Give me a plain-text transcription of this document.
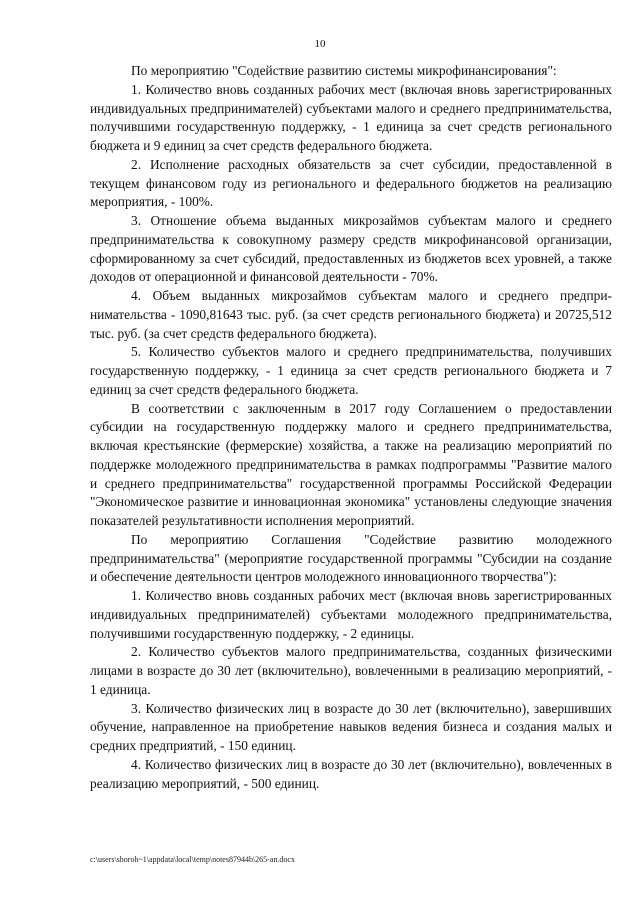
10

По мероприятию "Содействие развитию системы микрофинансирования":

1. Количество вновь созданных рабочих мест (включая вновь зарегистрированных индивидуальных предпринимателей) субъектами малого и среднего предпринимательства, получившими государственную поддержку, - 1 единица за счет средств регионального бюджета и 9 единиц за счет средств федерального бюджета.

2. Исполнение расходных обязательств за счет субсидии, предоставленной в текущем финансовом году из регионального и федерального бюджетов на реализацию мероприятия, - 100%.

3. Отношение объема выданных микрозаймов субъектам малого и среднего предпринимательства к совокупному размеру средств микрофинансовой организации, сформированному за счет субсидий, предоставленных из бюджетов всех уровней, а также доходов от операционной и финансовой деятельности - 70%.

4. Объем выданных микрозаймов субъектам малого и среднего предпринимательства - 1090,81643 тыс. руб. (за счет средств регионального бюджета) и 20725,512 тыс. руб. (за счет средств федерального бюджета).

5. Количество субъектов малого и среднего предпринимательства, получивших государственную поддержку, - 1 единица за счет средств регионального бюджета и 7 единиц за счет средств федерального бюджета.

В соответствии с заключенным в 2017 году Соглашением о предоставлении субсидии на государственную поддержку малого и среднего предпринимательства, включая крестьянские (фермерские) хозяйства, а также на реализацию мероприятий по поддержке молодежного предпринимательства в рамках подпрограммы "Развитие малого и среднего предпринимательства" государственной программы Российской Федерации "Экономическое развитие и инновационная экономика" установлены следующие значения показателей результативности исполнения мероприятий.

По мероприятию Соглашения "Содействие развитию молодежного предпринимательства" (мероприятие государственной программы "Субсидии на создание и обеспечение деятельности центров молодежного инновационного творчества"):

1. Количество вновь созданных рабочих мест (включая вновь зарегистрированных индивидуальных предпринимателей) субъектами молодежного предпринимательства, получившими государственную поддержку, - 2 единицы.

2. Количество субъектов малого предпринимательства, созданных физическими лицами в возрасте до 30 лет (включительно), вовлеченными в реализацию мероприятий, - 1 единица.

3. Количество физических лиц в возрасте до 30 лет (включительно), завершивших обучение, направленное на приобретение навыков ведения бизнеса и создания малых и средних предприятий, - 150 единиц.

4. Количество физических лиц в возрасте до 30 лет (включительно), вовлеченных в реализацию мероприятий, - 500 единиц.

c:\users\shoroh~1\appdata\local\temp\notes87944b\265-an.docx
